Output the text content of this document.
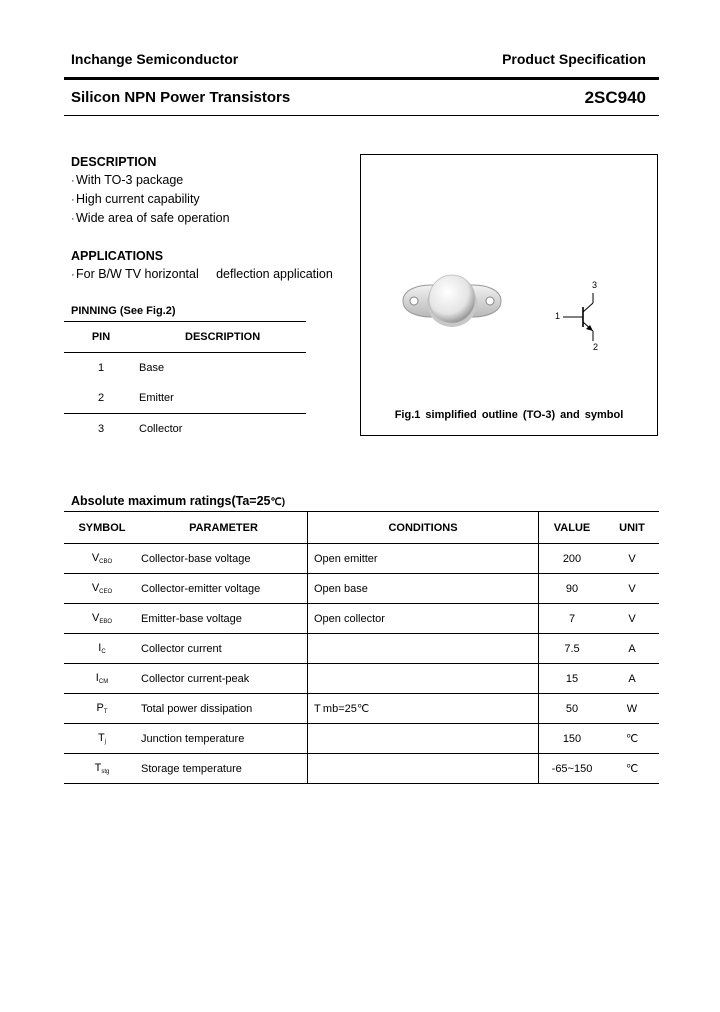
Inchange Semiconductor	Product Specification
Silicon NPN Power Transistors	2SC940
DESCRIPTION
·With TO-3 package
·High current capability
·Wide area of safe operation
APPLICATIONS
·For B/W TV horizontal     deflection application
PINNING (See Fig.2)
PIN	DESCRIPTION
1	Base
2	Emitter
3	Collector
1
2
3
Fig.1 simplified outline (TO-3) and symbol
Absolute maximum ratings(Ta=25℃)
SYMBOL	PARAMETER	CONDITIONS	VALUE	UNIT
$V_{CBO}$	Collector-base voltage	Open emitter	200	V
$V_{CEO}$	Collector-emitter voltage	Open base	90	V
$V_{EBO}$	Emitter-base voltage	Open collector	7	V
$I_C$	Collector current		7.5	A
$I_{CM}$	Collector current-peak		15	A
$P_T$	Total power dissipation	T mb=25℃	50	W
$T_j$	Junction temperature		150	℃
$T_{stg}$	Storage temperature		-65~150	℃
